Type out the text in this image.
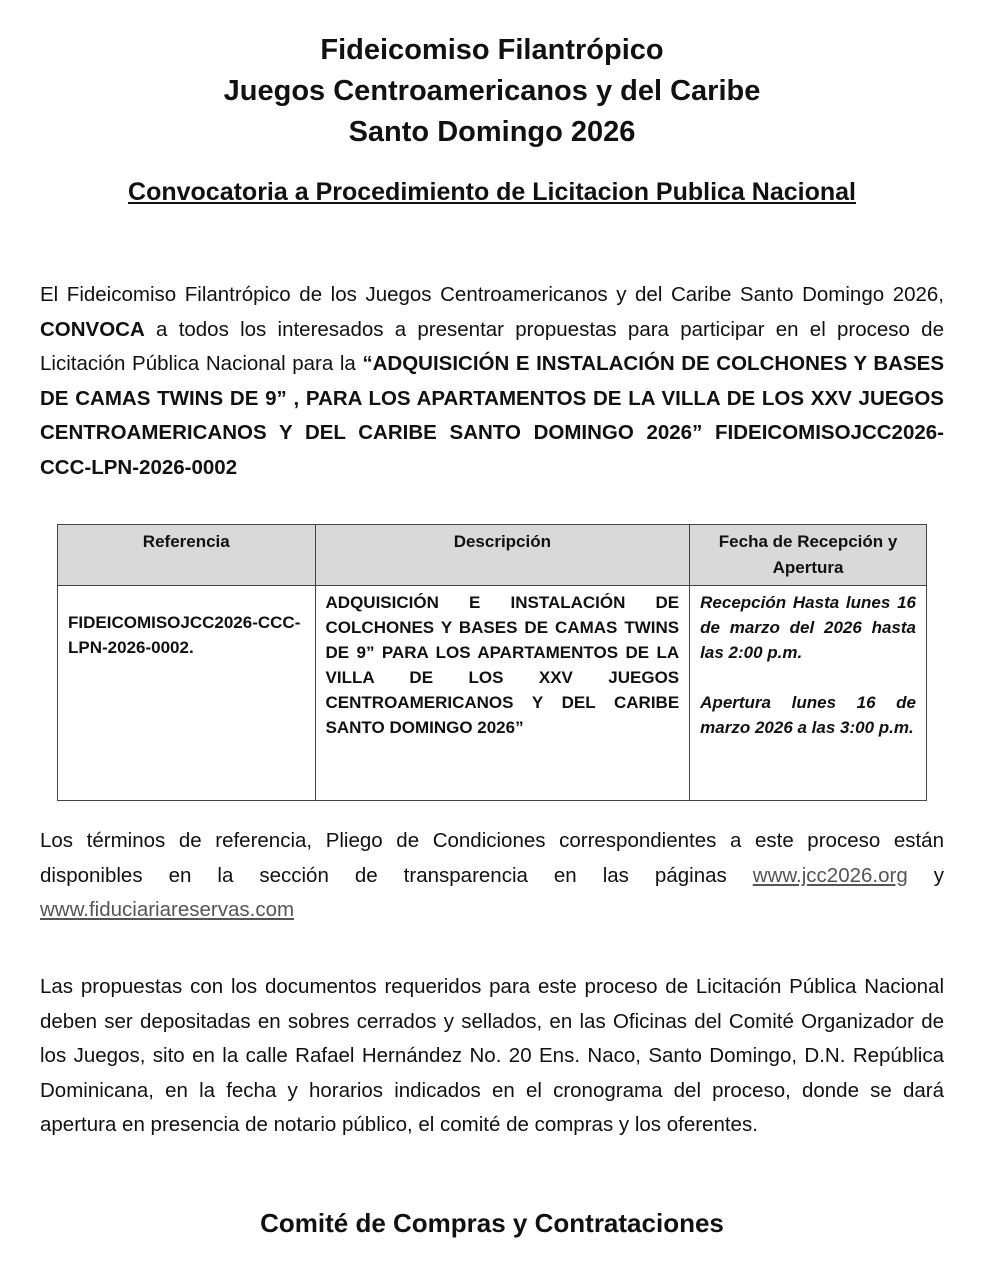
Fideicomiso Filantrópico
Juegos Centroamericanos y del Caribe
Santo Domingo 2026
Convocatoria a Procedimiento de Licitacion Publica Nacional
El Fideicomiso Filantrópico de los Juegos Centroamericanos y del Caribe Santo Domingo 2026, CONVOCA a todos los interesados a presentar propuestas para participar en el proceso de Licitación Pública Nacional para la “ADQUISICIÓN E INSTALACIÓN DE COLCHONES Y BASES DE CAMAS TWINS DE 9” , PARA LOS APARTAMENTOS DE LA VILLA DE LOS XXV JUEGOS CENTROAMERICANOS Y DEL CARIBE SANTO DOMINGO 2026” FIDEICOMISOJCC2026-CCC-LPN-2026-0002
Referencia	Descripción	Fecha de Recepción y Apertura
FIDEICOMISOJCC2026-CCC-LPN-2026-0002.	ADQUISICIÓN E INSTALACIÓN DE COLCHONES Y BASES DE CAMAS TWINS DE 9” PARA LOS APARTAMENTOS DE LA VILLA DE LOS XXV JUEGOS CENTROAMERICANOS Y DEL CARIBE SANTO DOMINGO 2026”	Recepción Hasta lunes 16 de marzo del 2026 hasta las 2:00 p.m.
Apertura lunes 16 de marzo 2026 a las 3:00 p.m.
Los términos de referencia, Pliego de Condiciones correspondientes a este proceso están disponibles en la sección de transparencia en las páginas www.jcc2026.org y www.fiduciariareservas.com
Las propuestas con los documentos requeridos para este proceso de Licitación Pública Nacional deben ser depositadas en sobres cerrados y sellados, en las Oficinas del Comité Organizador de los Juegos, sito en la calle Rafael Hernández No. 20 Ens. Naco, Santo Domingo, D.N. República Dominicana, en la fecha y horarios indicados en el cronograma del proceso, donde se dará apertura en presencia de notario público, el comité de compras y los oferentes.
Comité de Compras y Contrataciones
